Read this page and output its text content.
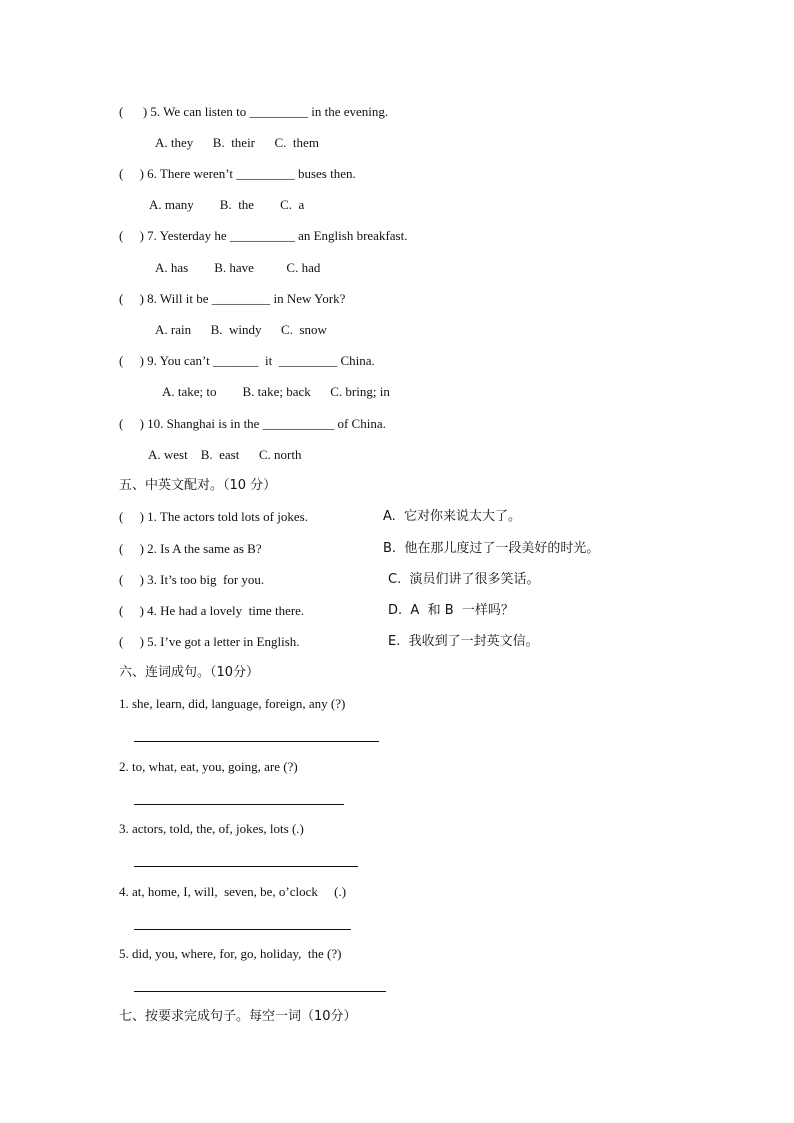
(      ) 5. We can listen to _________ in the evening.
A. they      B.  their      C.  them
(     ) 6. There weren’t _________ buses then.
A. many        B.  the        C.  a
(     ) 7. Yesterday he __________ an English breakfast.
A. has        B. have          C. had
(     ) 8. Will it be _________ in New York?
A. rain      B.  windy      C.  snow
(     ) 9. You can’t _______  it  _________ China.
A. take; to        B. take; back      C. bring; in
(     ) 10. Shanghai is in the ___________ of China.
A. west    B.  east      C. north
五、中英文配对。（10 分）
(     ) 1. The actors told lots of jokes.	A.  它对你来说太大了。
(     ) 2. Is A the same as B?	B.  他在那儿度过了一段美好的时光。
(     ) 3. It’s too big  for you.	C.  演员们讲了很多笑话。
(     ) 4. He had a lovely  time there.	D.  A  和 B  一样吗？
(     ) 5. I’ve got a letter in English.	E.  我收到了一封英文信。
六、连词成句。（10分）
1. she, learn, did, language, foreign, any (?)
2. to, what, eat, you, going, are (?)
3. actors, told, the, of, jokes, lots (.)
4. at, home, I, will,  seven, be, o’clock     (.)
5. did, you, where, for, go, holiday,  the (?)
七、按要求完成句子。每空一词（10分）
